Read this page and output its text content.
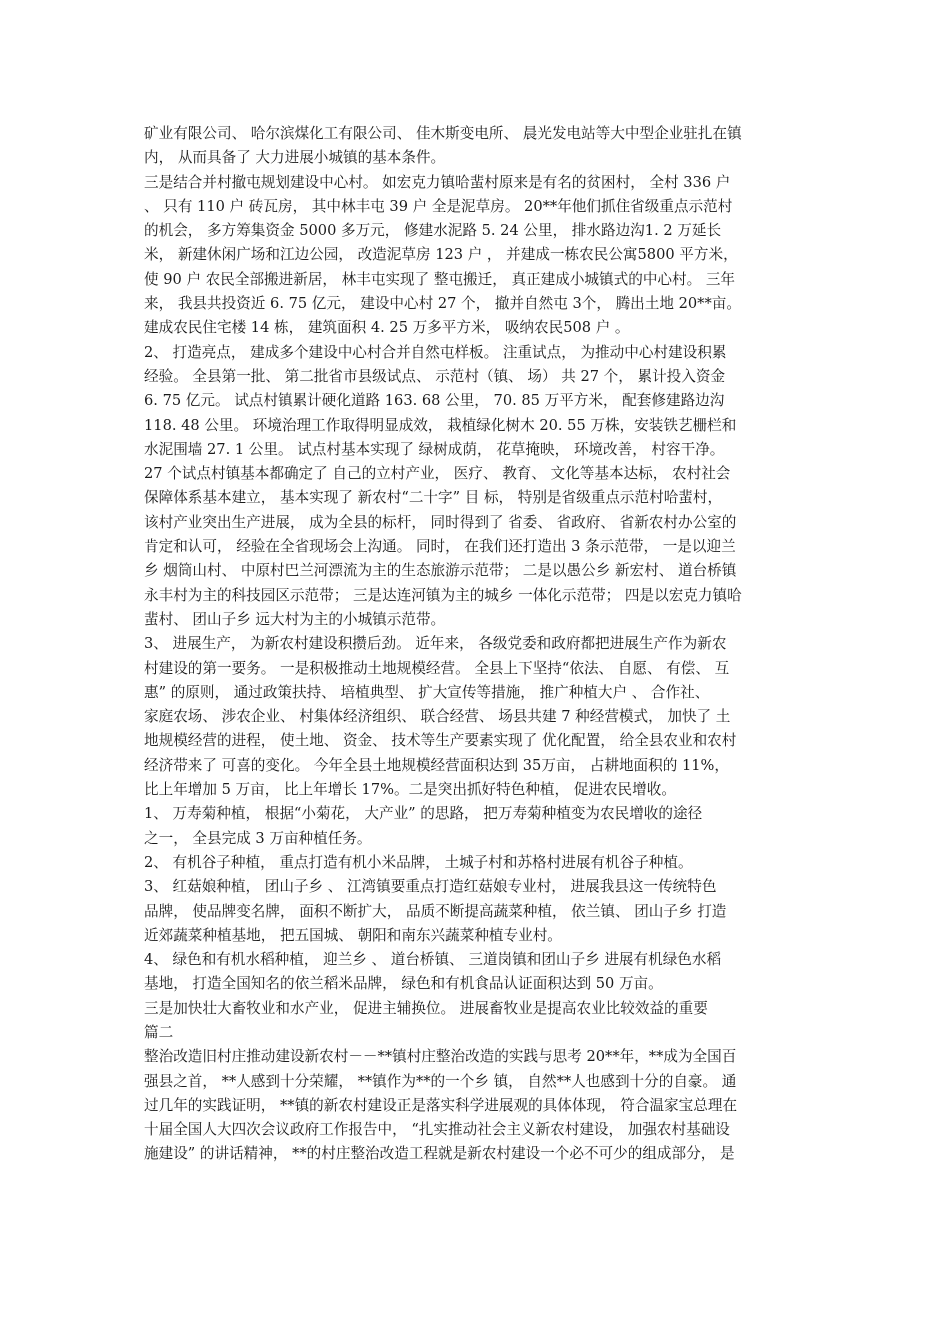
矿业有限公司、 哈尔滨煤化工有限公司、 佳木斯变电所、 晨光发电站等大中型企业驻扎在镇
内， 从而具备了 大力进展小城镇的基本条件。
三是结合并村撤屯规划建设中心村。 如宏克力镇哈蜚村原来是有名的贫困村， 全村 336 户
、 只有 110 户 砖瓦房， 其中林丰屯 39 户 全是泥草房。 20**年他们抓住省级重点示范村
的机会， 多方筹集资金 5000 多万元， 修建水泥路 5. 24 公里， 排水路边沟1. 2 万延长
米， 新建休闲广场和江边公园， 改造泥草房 123 户 ， 并建成一栋农民公寓5800 平方米，
使 90 户 农民全部搬进新居， 林丰屯实现了 整屯搬迁， 真正建成小城镇式的中心村。 三年
来， 我县共投资近 6. 75 亿元， 建设中心村 27 个， 撤并自然屯 3个， 腾出土地 20**亩。
建成农民住宅楼 14 栋， 建筑面积 4. 25 万多平方米， 吸纳农民508 户 。
2、 打造亮点， 建成多个建设中心村合并自然屯样板。 注重试点， 为推动中心村建设积累
经验。 全县第一批、 第二批省市县级试点、 示范村（镇、 场） 共 27 个， 累计投入资金
6. 75 亿元。 试点村镇累计硬化道路 163. 68 公里， 70. 85 万平方米， 配套修建路边沟
118. 48 公里。 环境治理工作取得明显成效， 栽植绿化树木 20. 55 万株，安装铁艺栅栏和
水泥围墙 27. 1 公里。 试点村基本实现了 绿树成荫， 花草掩映， 环境改善， 村容干净。
27 个试点村镇基本都确定了 自己的立村产业， 医疗、 教育、 文化等基本达标， 农村社会
保障体系基本建立， 基本实现了 新农村“二十字” 目 标， 特别是省级重点示范村哈蜚村，
该村产业突出生产进展， 成为全县的标杆， 同时得到了 省委、 省政府、 省新农村办公室的
肯定和认可， 经验在全省现场会上沟通。 同时， 在我们还打造出 3 条示范带， 一是以迎兰
乡 烟筒山村、 中原村巴兰河漂流为主的生态旅游示范带； 二是以愚公乡 新宏村、 道台桥镇
永丰村为主的科技园区示范带； 三是达连河镇为主的城乡 一体化示范带； 四是以宏克力镇哈
蜚村、 团山子乡 远大村为主的小城镇示范带。
3、 进展生产， 为新农村建设积攒后劲。 近年来， 各级党委和政府都把进展生产作为新农
村建设的第一要务。 一是积极推动土地规模经营。 全县上下坚持“依法、 自愿、 有偿、 互
惠” 的原则， 通过政策扶持、 培植典型、 扩大宣传等措施， 推广种植大户 、 合作社、
家庭农场、 涉农企业、 村集体经济组织、 联合经营、 场县共建 7 种经营模式， 加快了 土
地规模经营的进程， 使土地、 资金、 技术等生产要素实现了 优化配置， 给全县农业和农村
经济带来了 可喜的变化。 今年全县土地规模经营面积达到 35万亩， 占耕地面积的 11%，
比上年增加 5 万亩， 比上年增长 17%。二是突出抓好特色种植， 促进农民增收。
1、 万寿菊种植， 根据“小菊花， 大产业” 的思路， 把万寿菊种植变为农民增收的途径
之一， 全县完成 3 万亩种植任务。
2、 有机谷子种植， 重点打造有机小米品牌， 土城子村和苏格村进展有机谷子种植。
3、 红菇娘种植， 团山子乡 、 江湾镇要重点打造红菇娘专业村， 进展我县这一传统特色
品牌， 使品牌变名牌， 面积不断扩大， 品质不断提高蔬菜种植， 依兰镇、 团山子乡 打造
近郊蔬菜种植基地， 把五国城、 朝阳和南东兴蔬菜种植专业村。
4、 绿色和有机水稻种植， 迎兰乡 、 道台桥镇、 三道岗镇和团山子乡 进展有机绿色水稻
基地， 打造全国知名的依兰稻米品牌， 绿色和有机食品认证面积达到 50 万亩。
三是加快壮大畜牧业和水产业， 促进主辅换位。 进展畜牧业是提高农业比较效益的重要
篇二
整治改造旧村庄推动建设新农村－－**镇村庄整治改造的实践与思考 20**年，**成为全国百
强县之首， **人感到十分荣耀， **镇作为**的一个乡 镇， 自然**人也感到十分的自豪。 通
过几年的实践证明， **镇的新农村建设正是落实科学进展观的具体体现， 符合温家宝总理在
十届全国人大四次会议政府工作报告中， “扎实推动社会主义新农村建设， 加强农村基础设
施建设” 的讲话精神， **的村庄整治改造工程就是新农村建设一个必不可少的组成部分， 是
